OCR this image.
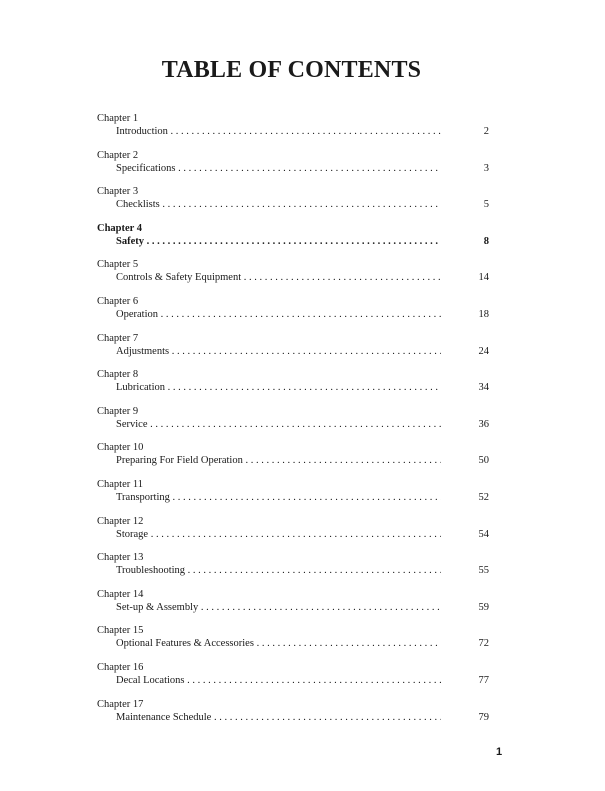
TABLE OF CONTENTS
Chapter 1
Introduction . . .	2
Chapter 2
Specifications . . .	3
Chapter 3
Checklists . . .	5
Chapter 4
Safety . . .	8
Chapter 5
Controls & Safety Equipment . . .	14
Chapter 6
Operation . . .	18
Chapter 7
Adjustments . . .	24
Chapter 8
Lubrication . . .	34
Chapter 9
Service . . .	36
Chapter 10
Preparing For Field Operation . . .	50
Chapter 11
Transporting . . .	52
Chapter 12
Storage . . .	54
Chapter 13
Troubleshooting . . .	55
Chapter 14
Set-up & Assembly . . .	59
Chapter 15
Optional Features & Accessories . . .	72
Chapter 16
Decal Locations . . .	77
Chapter 17
Maintenance Schedule . . .	79
1
